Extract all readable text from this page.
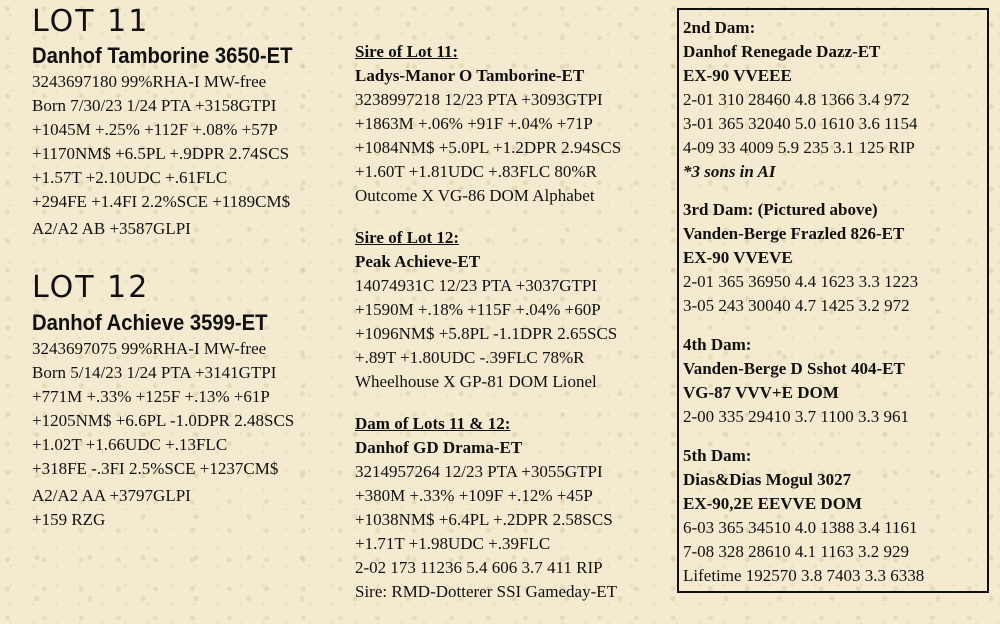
LOT 11

Danhof Tamborine 3650-ET

3243697180 99%RHA-I MW-free

Born 7/30/23 1/24 PTA +3158GTPI

+1045M +.25% +112F +.08% +57P

+1170NM$ +6.5PL +.9DPR 2.74SCS

+1.57T +2.10UDC +.61FLC

+294FE +1.4FI 2.2%SCE +1189CM$

A2/A2 AB +3587GLPI

LOT 12

Danhof Achieve 3599-ET

3243697075 99%RHA-I MW-free

Born 5/14/23 1/24 PTA +3141GTPI

+771M +.33% +125F +.13% +61P

+1205NM$ +6.6PL -1.0DPR 2.48SCS

+1.02T +1.66UDC +.13FLC

+318FE -.3FI 2.5%SCE +1237CM$

A2/A2 AA +3797GLPI

+159 RZG

Sire of Lot 11:

Ladys-Manor O Tamborine-ET

3238997218 12/23 PTA +3093GTPI

+1863M +.06% +91F +.04% +71P

+1084NM$ +5.0PL +1.2DPR 2.94SCS

+1.60T +1.81UDC +.83FLC 80%R

Outcome X VG-86 DOM Alphabet

Sire of Lot 12:

Peak Achieve-ET

14074931C 12/23 PTA +3037GTPI

+1590M +.18% +115F +.04% +60P

+1096NM$ +5.8PL -1.1DPR 2.65SCS

+.89T +1.80UDC -.39FLC 78%R

Wheelhouse X GP-81 DOM Lionel

Dam of Lots 11 & 12:

Danhof GD Drama-ET

3214957264 12/23 PTA +3055GTPI

+380M +.33% +109F +.12% +45P

+1038NM$ +6.4PL +.2DPR 2.58SCS

+1.71T +1.98UDC +.39FLC

2-02 173 11236 5.4 606 3.7 411 RIP

Sire: RMD-Dotterer SSI Gameday-ET

2nd Dam:

Danhof Renegade Dazz-ET

EX-90 VVEEE

2-01 310 28460 4.8 1366 3.4 972

3-01 365 32040 5.0 1610 3.6 1154

4-09 33 4009 5.9 235 3.1 125 RIP

*3 sons in AI

3rd Dam: (Pictured above)

Vanden-Berge Frazled 826-ET

EX-90 VVEVE

2-01 365 36950 4.4 1623 3.3 1223

3-05 243 30040 4.7 1425 3.2 972

4th Dam:

Vanden-Berge D Sshot 404-ET

VG-87 VVV+E DOM

2-00 335 29410 3.7 1100 3.3 961

5th Dam:

Dias&Dias Mogul 3027

EX-90,2E EEVVE DOM

6-03 365 34510 4.0 1388 3.4 1161

7-08 328 28610 4.1 1163 3.2 929

Lifetime 192570 3.8 7403 3.3 6338
